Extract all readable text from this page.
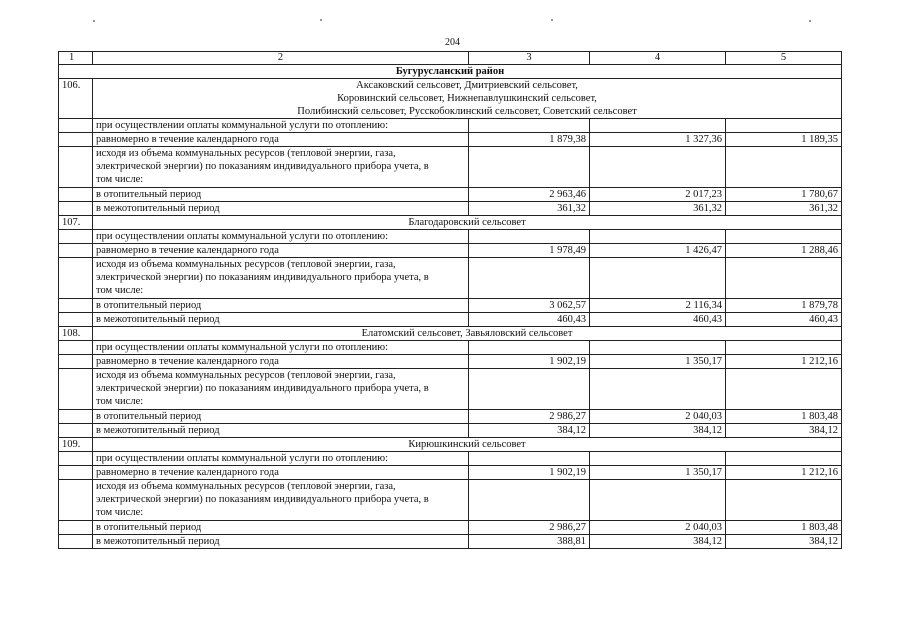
204
1	2	3	4	5
Бугурусланский район				
106.	Аксаковский сельсовет, Дмитриевский сельсовет,
Коровинский сельсовет, Нижнепавлушкинский сельсовет,
Полибинский сельсовет, Русскобоклинский сельсовет, Советский сельсовет			

	при осуществлении оплаты коммунальной услуги по отоплению:			
	равномерно в течение календарного года	1 879,38	1 327,36	1 189,35
	исходя из объема коммунальных ресурсов (тепловой энергии, газа, электрической энергии) по показаниям индивидуального прибора учета, в том числе:			
	в отопительный период	2 963,46	2 017,23	1 780,67
	в межотопительный период	361,32	361,32	361,32
107.	Благодаровский сельсовет			

	при осуществлении оплаты коммунальной услуги по отоплению:			
	равномерно в течение календарного года	1 978,49	1 426,47	1 288,46
	исходя из объема коммунальных ресурсов (тепловой энергии, газа, электрической энергии) по показаниям индивидуального прибора учета, в том числе:			
	в отопительный период	3 062,57	2 116,34	1 879,78
	в межотопительный период	460,43	460,43	460,43
108.	Елатомский сельсовет, Завьяловский сельсовет			

	при осуществлении оплаты коммунальной услуги по отоплению:			
	равномерно в течение календарного года	1 902,19	1 350,17	1 212,16
	исходя из объема коммунальных ресурсов (тепловой энергии, газа, электрической энергии) по показаниям индивидуального прибора учета, в том числе:			
	в отопительный период	2 986,27	2 040,03	1 803,48
	в межотопительный период	384,12	384,12	384,12
109.	Кирюшкинский сельсовет			

	при осуществлении оплаты коммунальной услуги по отоплению:			
	равномерно в течение календарного года	1 902,19	1 350,17	1 212,16
	исходя из объема коммунальных ресурсов (тепловой энергии, газа, электрической энергии) по показаниям индивидуального прибора учета, в том числе:			
	в отопительный период	2 986,27	2 040,03	1 803,48
	в межотопительный период	388,81	384,12	384,12
